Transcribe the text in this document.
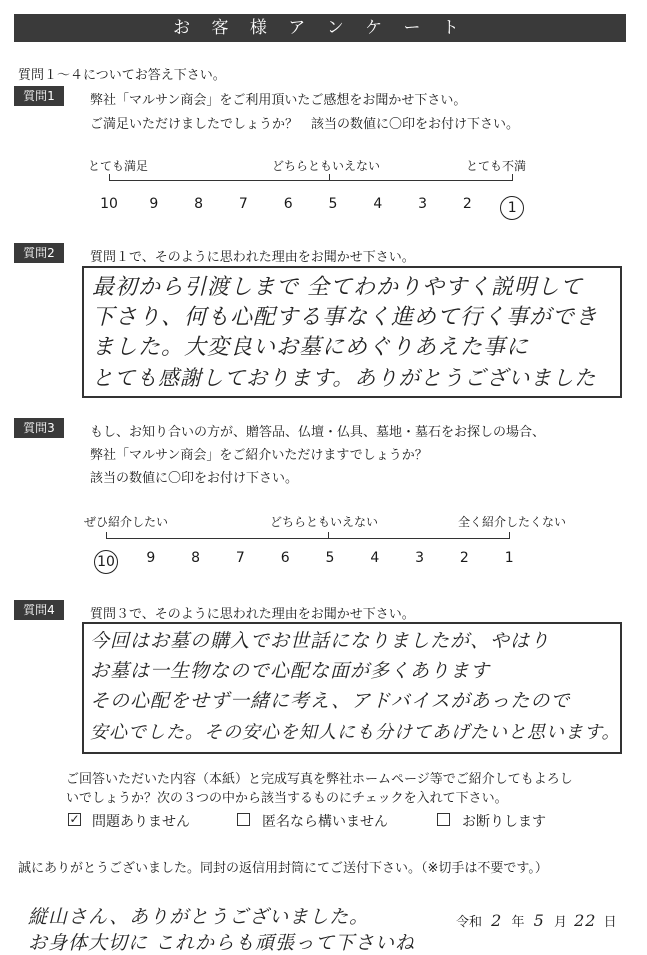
お 客 様 ア ン ケ ー ト
質問１～４についてお答え下さい。
質問1	弊社「マルサン商会」をご利用頂いたご感想をお聞かせ下さい。
ご満足いただけましたでしょうか？　該当の数値に〇印をお付け下さい。
とても満足	どちらともいえない	とても不満
10	9	8	7	6	5	4	3	2	1
質問2	質問１で、そのように思われた理由をお聞かせ下さい。
最初から引渡しまで 全てわかりやすく説明して
下さり、何も心配する事なく進めて行く事ができ
ました。大変良いお墓にめぐりあえた事に
とても感謝しております。ありがとうございました
質問3	もし、お知り合いの方が、贈答品、仏壇・仏具、墓地・墓石をお探しの場合、
弊社「マルサン商会」をご紹介いただけますでしょうか？
該当の数値に〇印をお付け下さい。
ぜひ紹介したい	どちらともいえない	全く紹介したくない
10	9	8	7	6	5	4	3	2	1
質問4	質問３で、そのように思われた理由をお聞かせ下さい。
今回はお墓の購入でお世話になりましたが、やはり
お墓は一生物なので心配な面が多くあります
その心配をせず一緒に考え、アドバイスがあったので
安心でした。その安心を知人にも分けてあげたいと思います。
ご回答いただいた内容（本紙）と完成写真を弊社ホームページ等でご紹介してもよろし
いでしょうか？次の３つの中から該当するものにチェックを入れて下さい。
✓ 問題ありません	匿名なら構いません	お断りします
誠にありがとうございました。同封の返信用封筒にてご送付下さい。（※切手は不要です。）
縦山さん、ありがとうございました。
お身体大切に これからも頑張って下さいね
令和 2 年 5 月 22 日
